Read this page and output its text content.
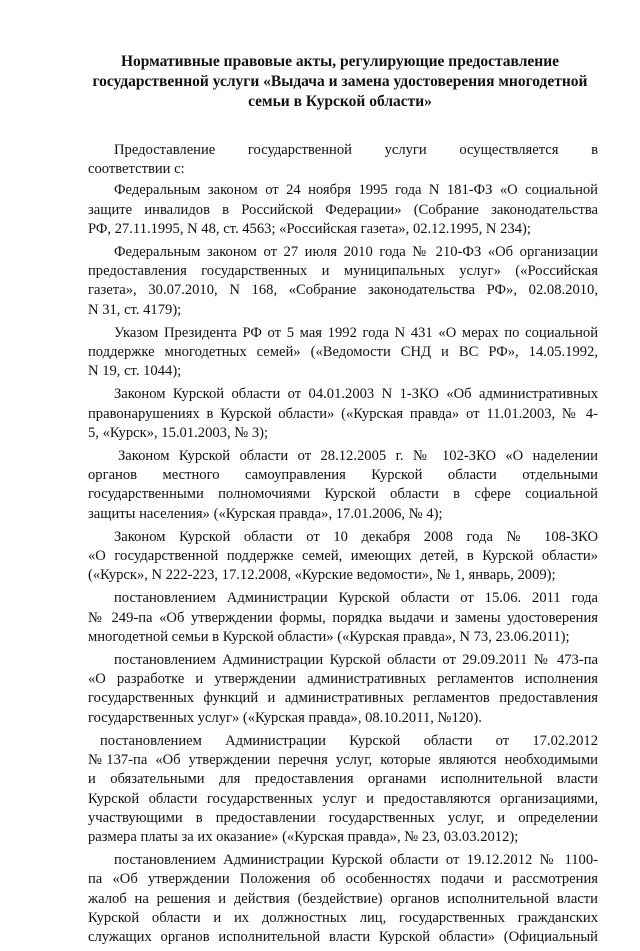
Нормативные правовые акты, регулирующие предоставление
государственной услуги «Выдача и замена удостоверения многодетной
семьи в Курской области»
Предоставление государственной услуги осуществляется в
соответствии с:
Федеральным законом от 24 ноября 1995 года N 181-ФЗ «О социальной
защите инвалидов в Российской Федерации» (Собрание законодательства
РФ, 27.11.1995, N 48, ст. 4563; «Российская газета», 02.12.1995, N 234);
Федеральным законом от 27 июля 2010 года № 210-ФЗ «Об организации
предоставления государственных и муниципальных услуг» («Российская
газета», 30.07.2010, N 168, «Собрание законодательства РФ», 02.08.2010,
N 31, ст. 4179);
Указом Президента РФ от 5 мая 1992 года N 431 «О мерах по социальной
поддержке многодетных семей» («Ведомости СНД и ВС РФ», 14.05.1992,
N 19, ст. 1044);
Законом Курской области от 04.01.2003 N 1-ЗКО «Об административных
правонарушениях в Курской области» («Курская правда» от 11.01.2003, № 4-
5, «Курск», 15.01.2003, № 3);
Законом Курской области от 28.12.2005 г. № 102-ЗКО «О наделении
органов местного самоуправления Курской области отдельными
государственными полномочиями Курской области в сфере социальной
защиты населения» («Курская правда», 17.01.2006, № 4);
Законом Курской области от 10 декабря 2008 года № 108-ЗКО
«О государственной поддержке семей, имеющих детей, в Курской области»
(«Курск», N 222-223, 17.12.2008, «Курские ведомости», № 1, январь, 2009);
постановлением Администрации Курской области от 15.06. 2011 года
№ 249-па «Об утверждении формы, порядка выдачи и замены удостоверения
многодетной семьи в Курской области» («Курская правда», N 73, 23.06.2011);
постановлением Администрации Курской области от 29.09.2011 № 473-па
«О разработке и утверждении административных регламентов исполнения
государственных функций и административных регламентов предоставления
государственных услуг» («Курская правда», 08.10.2011, №120).
постановлением Администрации Курской области от 17.02.2012
№137-па «Об утверждении перечня услуг, которые являются необходимыми
и обязательными для предоставления органами исполнительной власти
Курской области государственных услуг и предоставляются организациями,
участвующими в предоставлении государственных услуг, и определении
размера платы за их оказание» («Курская правда», № 23, 03.03.2012);
постановлением Администрации Курской области от 19.12.2012 № 1100-
па «Об утверждении Положения об особенностях подачи и рассмотрения
жалоб на решения и действия (бездействие) органов исполнительной власти
Курской области и их должностных лиц, государственных гражданских
служащих органов исполнительной власти Курской области» (Официальный
